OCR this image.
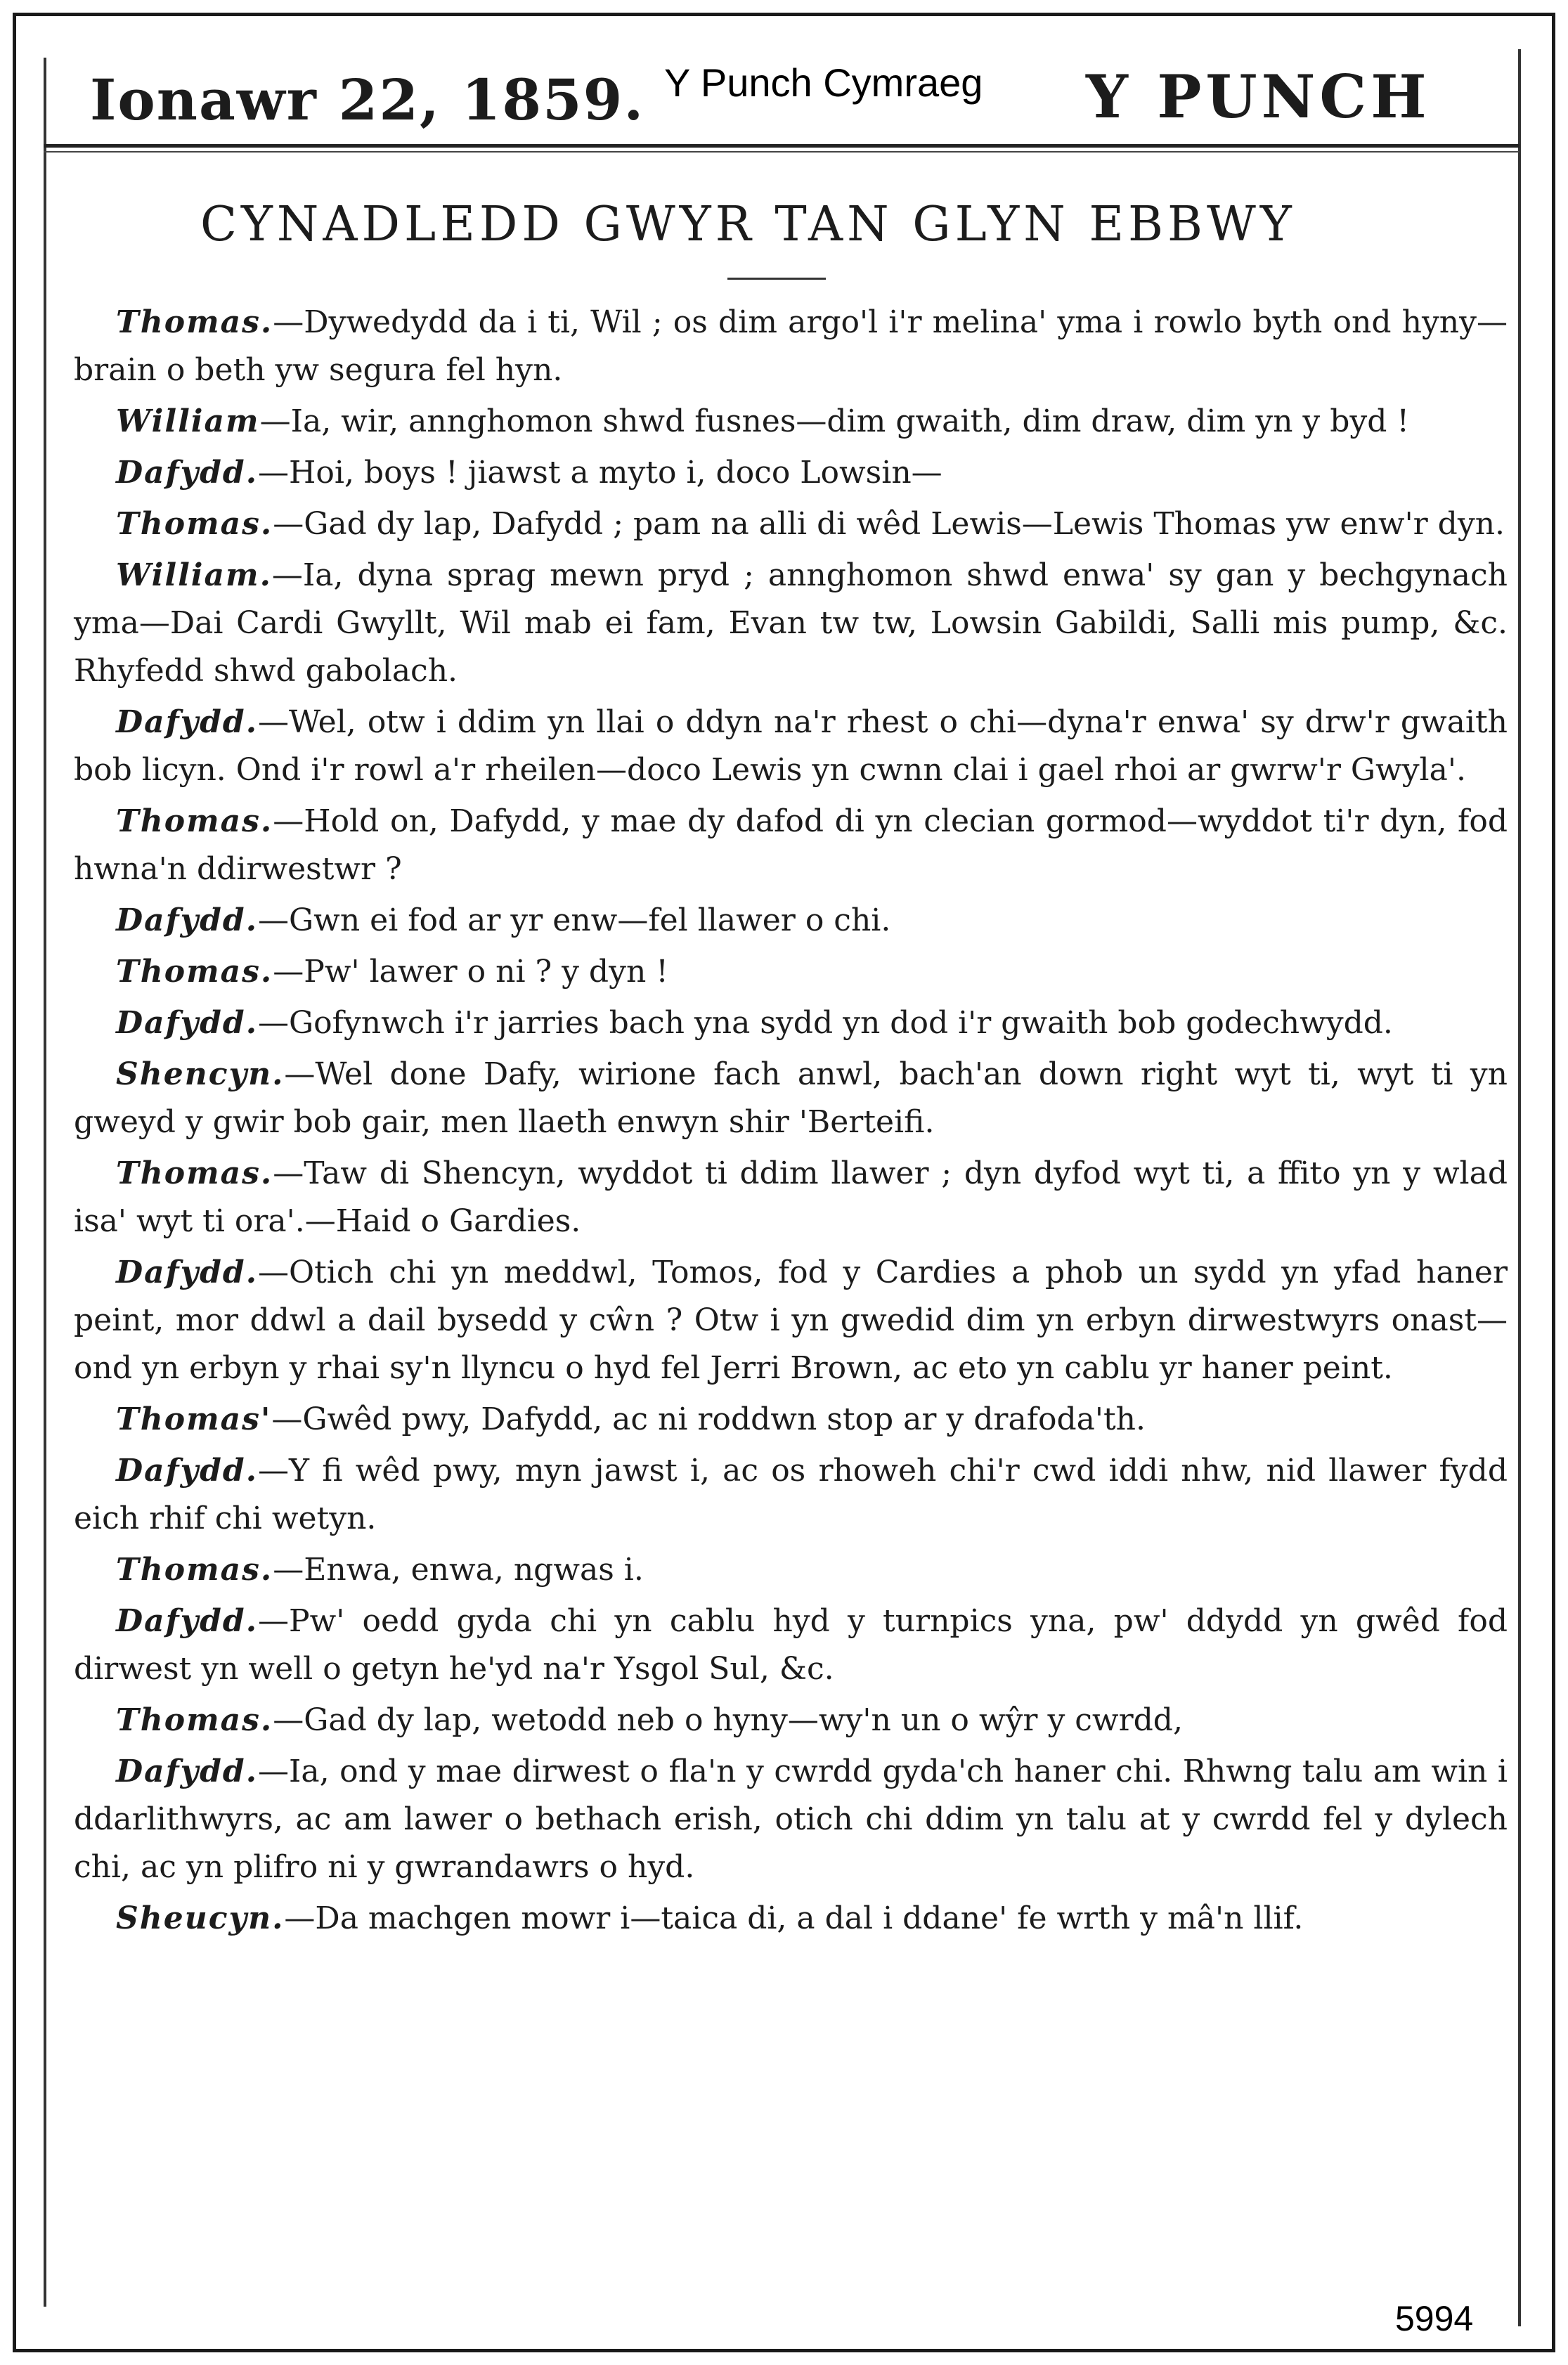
Ionawr 22, 1859. Y Punch Cymraeg Y PUNCH
CYNADLEDD GWYR TAN GLYN EBBWY

Thomas.—Dywedydd da i ti, Wil ; os dim argo'l i'r melina' yma i rowlo byth ond hyny—brain o beth yw segura fel hyn.

William—Ia, wir, annghomon shwd fusnes—dim gwaith, dim draw, dim yn y byd !

Dafydd.—Hoi, boys ! jiawst a myto i, doco Lowsin—

Thomas.—Gad dy lap, Dafydd ; pam na alli di wêd Lewis—Lewis Thomas yw enw'r dyn.

William.—Ia, dyna sprag mewn pryd ; annghomon shwd enwa' sy gan y bechgynach yma—Dai Cardi Gwyllt, Wil mab ei fam, Evan tw tw, Lowsin Gabildi, Salli mis pump, &c. Rhyfedd shwd gabolach.

Dafydd.—Wel, otw i ddim yn llai o ddyn na'r rhest o chi—dyna'r enwa' sy drw'r gwaith bob licyn. Ond i'r rowl a'r rheilen—doco Lewis yn cwnn clai i gael rhoi ar gwrw'r Gwyla'.

Thomas.—Hold on, Dafydd, y mae dy dafod di yn clecian gormod—wyddot ti'r dyn, fod hwna'n ddirwestwr ?

Dafydd.—Gwn ei fod ar yr enw—fel llawer o chi.

Thomas.—Pw' lawer o ni ? y dyn !

Dafydd.—Gofynwch i'r jarries bach yna sydd yn dod i'r gwaith bob godechwydd.

Shencyn.—Wel done Dafy, wirione fach anwl, bach'an down right wyt ti, wyt ti yn gweyd y gwir bob gair, men llaeth enwyn shir 'Berteifi.

Thomas.—Taw di Shencyn, wyddot ti ddim llawer ; dyn dyfod wyt ti, a ffito yn y wlad isa' wyt ti ora'.—Haid o Gardies.

Dafydd.—Otich chi yn meddwl, Tomos, fod y Cardies a phob un sydd yn yfad haner peint, mor ddwl a dail bysedd y cŵn ? Otw i yn gwedid dim yn erbyn dirwestwyrs onast—ond yn erbyn y rhai sy'n llyncu o hyd fel Jerri Brown, ac eto yn cablu yr haner peint.

Thomas'—Gwêd pwy, Dafydd, ac ni roddwn stop ar y drafoda'th.

Dafydd.—Y fi wêd pwy, myn jawst i, ac os rhoweh chi'r cwd iddi nhw, nid llawer fydd eich rhif chi wetyn.

Thomas.—Enwa, enwa, ngwas i.

Dafydd.—Pw' oedd gyda chi yn cablu hyd y turnpics yna, pw' ddydd yn gwêd fod dirwest yn well o getyn he'yd na'r Ysgol Sul, &c.

Thomas.—Gad dy lap, wetodd neb o hyny—wy'n un o wŷr y cwrdd,

Dafydd.—Ia, ond y mae dirwest o fla'n y cwrdd gyda'ch haner chi. Rhwng talu am win i ddarlithwyrs, ac am lawer o bethach erish, otich chi ddim yn talu at y cwrdd fel y dylech chi, ac yn plifro ni y gwrandawrs o hyd.

Sheucyn.—Da machgen mowr i—taica di, a dal i ddane' fe wrth y mâ'n llif.

5994
